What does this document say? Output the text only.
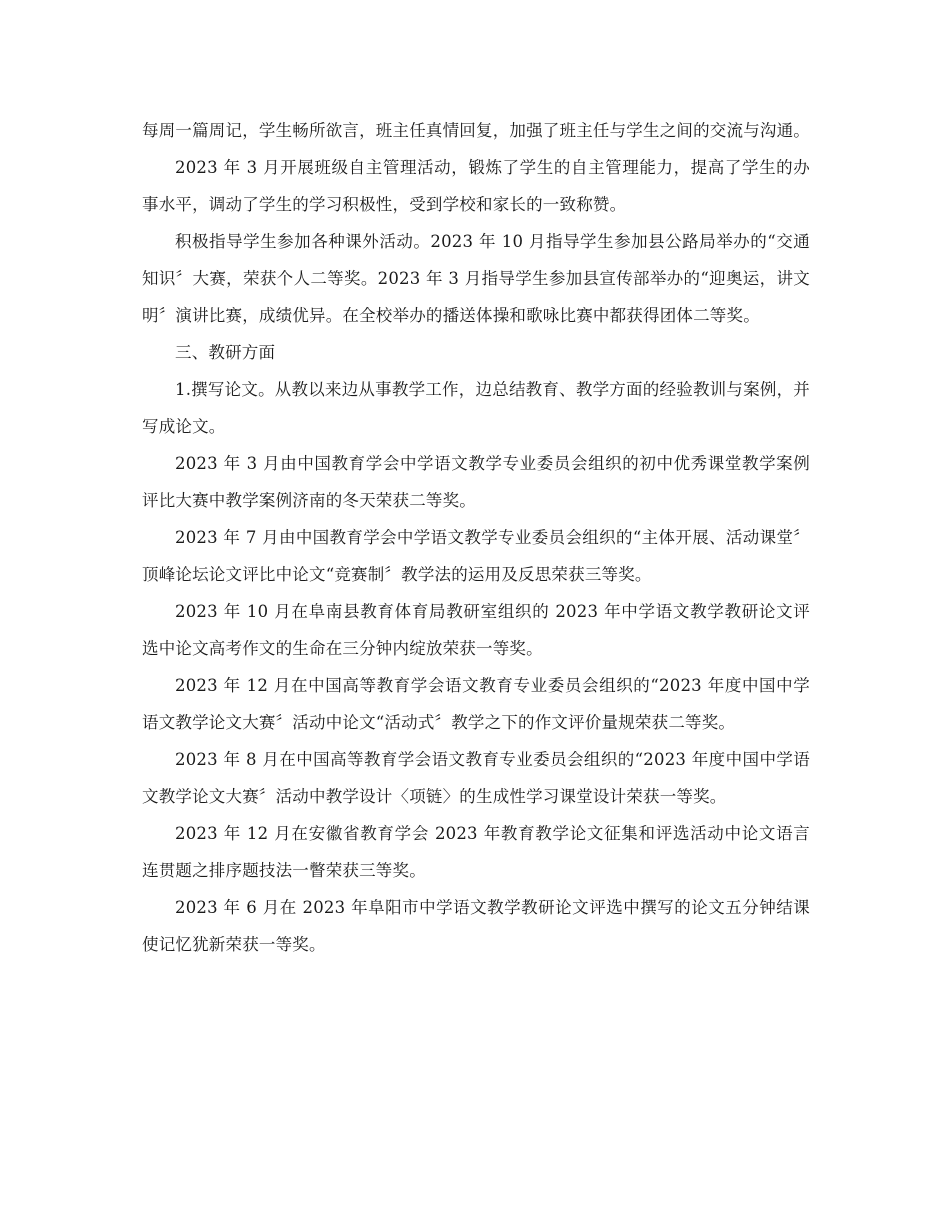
每周一篇周记，学生畅所欲言，班主任真情回复，加强了班主任与学生之间的交流与沟通。

2023 年 3 月开展班级自主管理活动，锻炼了学生的自主管理能力，提高了学生的办事水平，调动了学生的学习积极性，受到学校和家长的一致称赞。

积极指导学生参加各种课外活动。2023 年 10 月指导学生参加县公路局举办的“交通知识〞大赛，荣获个人二等奖。2023 年 3 月指导学生参加县宣传部举办的“迎奥运，讲文明〞演讲比赛，成绩优异。在全校举办的播送体操和歌咏比赛中都获得团体二等奖。

三、教研方面

1.撰写论文。从教以来边从事教学工作，边总结教育、教学方面的经验教训与案例，并写成论文。

2023 年 3 月由中国教育学会中学语文教学专业委员会组织的初中优秀课堂教学案例评比大赛中教学案例济南的冬天荣获二等奖。

2023 年 7 月由中国教育学会中学语文教学专业委员会组织的“主体开展、活动课堂〞顶峰论坛论文评比中论文“竞赛制〞教学法的运用及反思荣获三等奖。

2023 年 10 月在阜南县教育体育局教研室组织的 2023 年中学语文教学教研论文评选中论文高考作文的生命在三分钟内绽放荣获一等奖。

2023 年 12 月在中国高等教育学会语文教育专业委员会组织的“2023 年度中国中学语文教学论文大赛〞活动中论文“活动式〞教学之下的作文评价量规荣获二等奖。

2023 年 8 月在中国高等教育学会语文教育专业委员会组织的“2023 年度中国中学语文教学论文大赛〞活动中教学设计〈项链〉的生成性学习课堂设计荣获一等奖。

2023 年 12 月在安徽省教育学会 2023 年教育教学论文征集和评选活动中论文语言连贯题之排序题技法一瞥荣获三等奖。

2023 年 6 月在 2023 年阜阳市中学语文教学教研论文评选中撰写的论文五分钟结课使记忆犹新荣获一等奖。
